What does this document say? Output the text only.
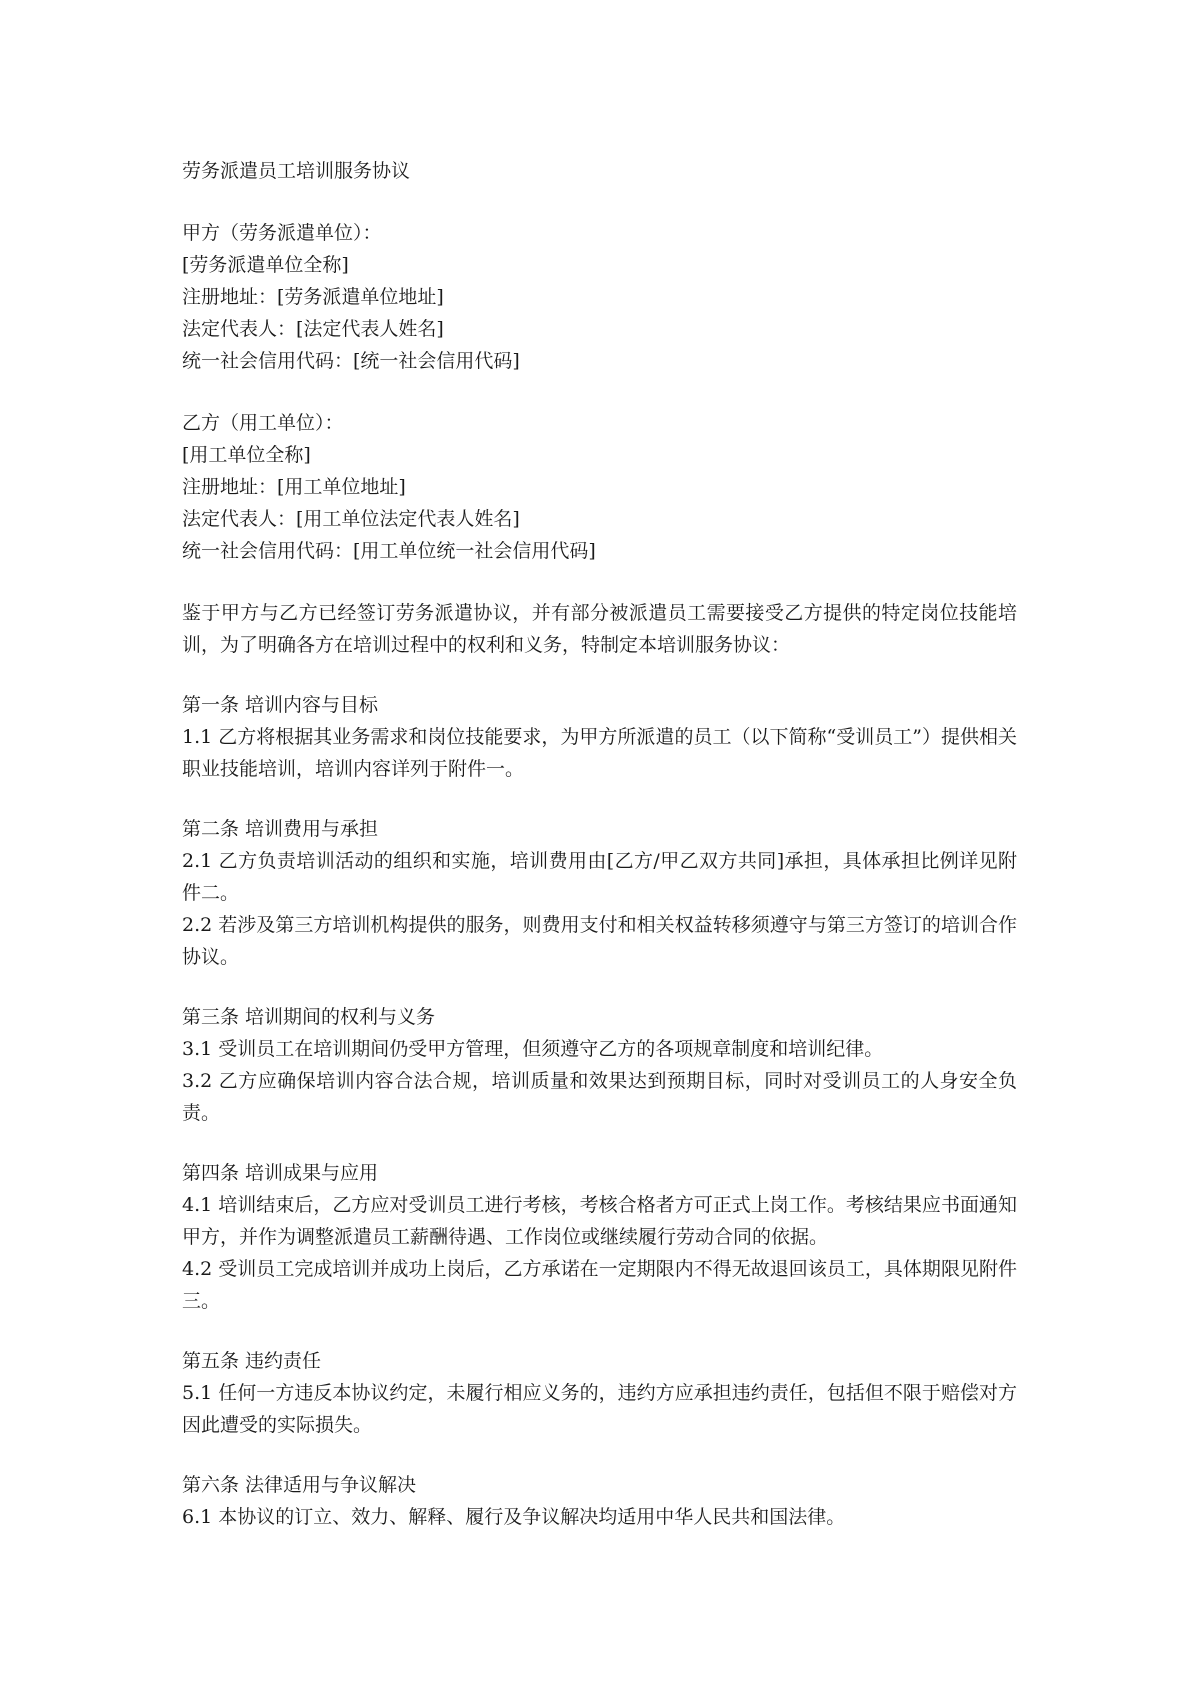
劳务派遣员工培训服务协议
甲方（劳务派遣单位）：
[劳务派遣单位全称]
注册地址：[劳务派遣单位地址]
法定代表人：[法定代表人姓名]
统一社会信用代码：[统一社会信用代码]
乙方（用工单位）：
[用工单位全称]
注册地址：[用工单位地址]
法定代表人：[用工单位法定代表人姓名]
统一社会信用代码：[用工单位统一社会信用代码]
鉴于甲方与乙方已经签订劳务派遣协议，并有部分被派遣员工需要接受乙方提供的特定岗位技能培训，为了明确各方在培训过程中的权利和义务，特制定本培训服务协议：
第一条 培训内容与目标
1.1 乙方将根据其业务需求和岗位技能要求，为甲方所派遣的员工（以下简称“受训员工”）提供相关职业技能培训，培训内容详列于附件一。
第二条 培训费用与承担
2.1 乙方负责培训活动的组织和实施，培训费用由[乙方/甲乙双方共同]承担，具体承担比例详见附件二。
2.2 若涉及第三方培训机构提供的服务，则费用支付和相关权益转移须遵守与第三方签订的培训合作协议。
第三条 培训期间的权利与义务
3.1 受训员工在培训期间仍受甲方管理，但须遵守乙方的各项规章制度和培训纪律。
3.2 乙方应确保培训内容合法合规，培训质量和效果达到预期目标，同时对受训员工的人身安全负责。
第四条 培训成果与应用
4.1 培训结束后，乙方应对受训员工进行考核，考核合格者方可正式上岗工作。考核结果应书面通知甲方，并作为调整派遣员工薪酬待遇、工作岗位或继续履行劳动合同的依据。
4.2 受训员工完成培训并成功上岗后，乙方承诺在一定期限内不得无故退回该员工，具体期限见附件三。
第五条 违约责任
5.1 任何一方违反本协议约定，未履行相应义务的，违约方应承担违约责任，包括但不限于赔偿对方因此遭受的实际损失。
第六条 法律适用与争议解决
6.1 本协议的订立、效力、解释、履行及争议解决均适用中华人民共和国法律。
